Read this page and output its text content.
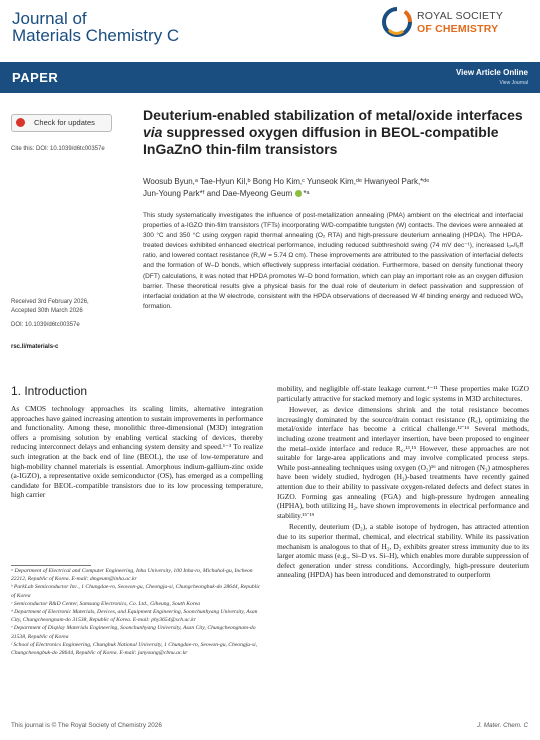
Journal of
Materials Chemistry C
ROYAL SOCIETY
OF CHEMISTRY
PAPER	View Article Online
View Journal
Check for updates
Cite this: DOI: 10.1039/d6tc00357e
Deuterium-enabled stabilization of metal/oxide interfaces via suppressed oxygen diffusion in BEOL-compatible InGaZnO thin-film transistors
Woosub Byun,ᵃ Tae-Hyun Kil,ᵇ Bong Ho Kim,ᶜ Yunseok Kim,ᵈᵉ Hwanyeol Park,*ᵈᵉ
Jun-Young Park*ᶠ and Dae-Myeong Geum *ᵃ
This study systematically investigates the influence of post-metallization annealing (PMA) ambient on the electrical and interfacial properties of a-IGZO thin-film transistors (TFTs) incorporating W/D-compatible tungsten (W) contacts. The devices were annealed at 300 °C and 350 °C using oxygen rapid thermal annealing (O₂ RTA) and high-pressure deuterium annealing (HPDA). The HPDA-treated devices exhibited enhanced electrical performance, including reduced subthreshold swing (74 mV dec⁻¹), increased Iₒₙ/Iₒff ratio, and lowered contact resistance (R꜀W = 5.74 Ω cm). These improvements are attributed to the passivation of interfacial defects and the formation of W–D bonds, which effectively suppress interfacial oxidation. Furthermore, based on density functional theory (DFT) calculations, it was noted that HPDA promotes W–D bond formation, which can play an important role as an oxygen diffusion barrier. These theoretical results give a physical basis for the dual role of deuterium in defect passivation and suppression of interfacial oxidation at the W electrode, consistent with the HPDA observations of decreased W 4f binding energy and reduced WOₓ formation.
Received 3rd February 2026,
Accepted 30th March 2026
DOI: 10.1039/d6tc00357e
rsc.li/materials-c
1. Introduction

As CMOS technology approaches its scaling limits, alternative integration approaches have gained increasing attention to sustain improvements in performance and functionality. Among these, monolithic three-dimensional (M3D) integration offers a promising solution by enabling vertical stacking of devices, thereby reducing interconnect delays and enhancing system density and speed.¹⁻³ To realize such integration at the back end of line (BEOL), the use of low-temperature and high-mobility channel materials is essential. Amorphous indium-gallium-zinc oxide (a-IGZO), a representative oxide semiconductor (OS), has emerged as a compelling candidate for BEOL-compatible transistors due to its low processing temperature, high carrier

mobility, and negligible off-state leakage current.⁴⁻¹¹ These properties make IGZO particularly attractive for stacked memory and logic systems in M3D architectures.

However, as device dimensions shrink and the total resistance becomes increasingly dominated by the source/drain contact resistance (R꜀), optimizing the metal/oxide interface has become a critical challenge.¹²⁻¹⁴ Several methods, including ozone treatment and interlayer insertion, have been proposed to engineer the metal–oxide interface and reduce R꜀.¹³,¹⁵ However, these approaches are not suitable for large-area applications and may involve complicated process steps. While post-annealing techniques using oxygen (O₂)¹⁶ and nitrogen (N₂) atmospheres have been widely studied, hydrogen (H₂)-based treatments have recently gained attention due to their ability to passivate oxygen-related defects and defect states in IGZO. Forming gas annealing (FGA) and high-pressure hydrogen annealing (HPHA), both utilizing H₂, have shown improvements in electrical performance and stability.¹⁵⁻¹⁹

Recently, deuterium (D₂), a stable isotope of hydrogen, has attracted attention due to its superior thermal, chemical, and electrical stability. While its passivation mechanism is analogous to that of H₂, D₂ exhibits greater stress immunity due to its larger atomic mass (e.g., Si–D vs. Si–H), which enables more durable suppression of defect generation under stress conditions. Accordingly, high-pressure deuterium annealing (HPDA) has been introduced and demonstrated to outperform

ᵃ Department of Electrical and Computer Engineering, Inha University, 100 Inha-ro, Michuhol-gu, Incheon 22212, Republic of Korea. E-mail: dmgeum@inha.ac.kr
ᵇ ParkLab Semiconductor Inc., 1 Chungdae-ro, Seowon-gu, Cheongju-si, Chungcheongbuk-do 28644, Republic of Korea
ᶜ Semiconductor R&D Center, Samsung Electronics, Co. Ltd., Giheung, South Korea
ᵈ Department of Electronic Materials, Devices, and Equipment Engineering, Soonchunhyang University, Asan City, Chungcheongnam-do 31538, Republic of Korea. E-mail: phy3654@sch.ac.kr
ᵉ Department of Display Materials Engineering, Soonchunhyang University, Asan City, Chungcheongnam-do 31538, Republic of Korea
ᶠ School of Electronics Engineering, Chungbuk National University, 1 Chungdae-ro, Seowon-gu, Cheongju-si, Chungcheongbuk-do 28644, Republic of Korea. E-mail: junyoung@cbnu.ac.kr
This journal is © The Royal Society of Chemistry 2026	J. Mater. Chem. C
